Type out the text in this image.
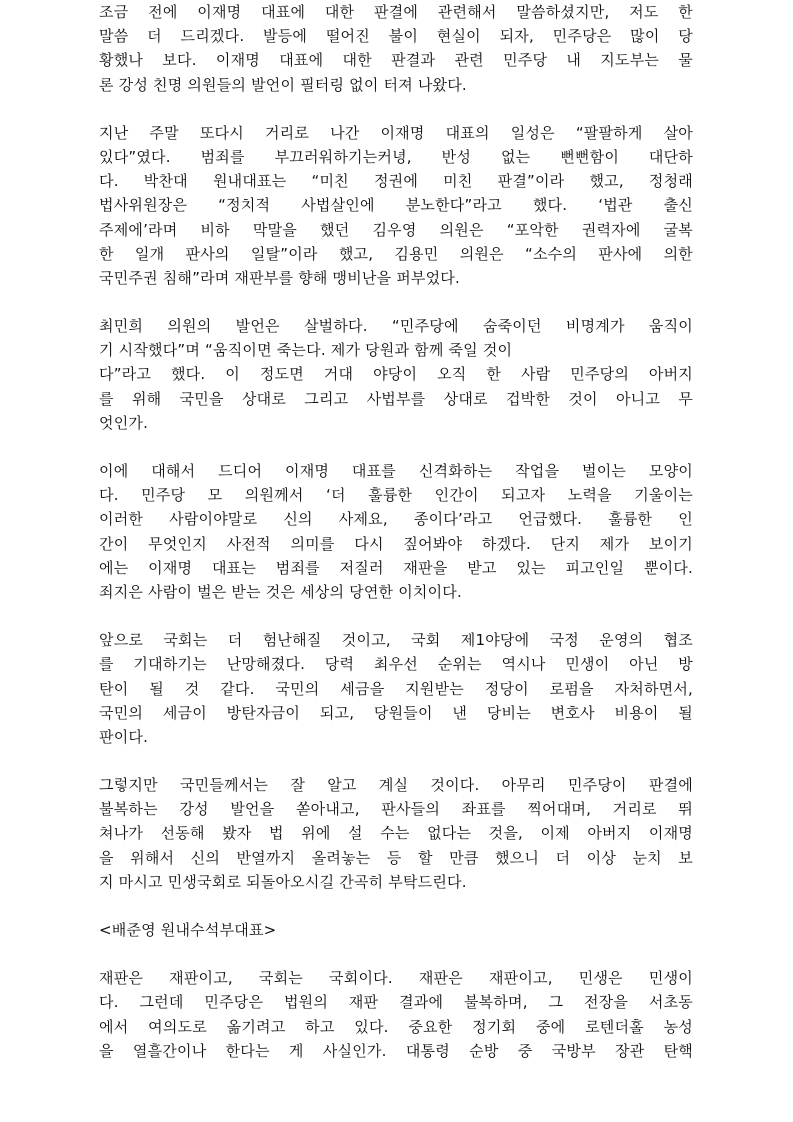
조금 전에 이재명 대표에 대한 판결에 관련해서 말씀하셨지만, 저도 한
말씀 더 드리겠다. 발등에 떨어진 불이 현실이 되자, 민주당은 많이 당
황했나 보다. 이재명 대표에 대한 판결과 관련 민주당 내 지도부는 물
론 강성 친명 의원들의 발언이 필터링 없이 터져 나왔다.
지난 주말 또다시 거리로 나간 이재명 대표의 일성은 “팔팔하게 살아
있다”였다. 범죄를 부끄러워하기는커녕, 반성 없는 뻔뻔함이 대단하
다. 박찬대 원내대표는 “미친 정권에 미친 판결”이라 했고, 정청래
법사위원장은 “정치적 사법살인에 분노한다”라고 했다. ‘법관 출신
주제에’라며 비하 막말을 했던 김우영 의원은 “포악한 권력자에 굴복
한 일개 판사의 일탈”이라 했고, 김용민 의원은 “소수의 판사에 의한
국민주권 침해”라며 재판부를 향해 맹비난을 퍼부었다.
최민희 의원의 발언은 살벌하다. “민주당에 숨죽이던 비명계가 움직이
기 시작했다”며 “움직이면 죽는다. 제가 당원과 함께 죽일 것이
다”라고 했다. 이 정도면 거대 야당이 오직 한 사람 민주당의 아버지
를 위해 국민을 상대로 그리고 사법부를 상대로 겁박한 것이 아니고 무
엇인가.
이에 대해서 드디어 이재명 대표를 신격화하는 작업을 벌이는 모양이
다. 민주당 모 의원께서 ‘더 훌륭한 인간이 되고자 노력을 기울이는
이러한 사람이야말로 신의 사제요, 종이다’라고 언급했다. 훌륭한 인
간이 무엇인지 사전적 의미를 다시 짚어봐야 하겠다. 단지 제가 보이기
에는 이재명 대표는 범죄를 저질러 재판을 받고 있는 피고인일 뿐이다.
죄지은 사람이 벌은 받는 것은 세상의 당연한 이치이다.
앞으로 국회는 더 험난해질 것이고, 국회 제1야당에 국정 운영의 협조
를 기대하기는 난망해졌다. 당력 최우선 순위는 역시나 민생이 아닌 방
탄이 될 것 같다. 국민의 세금을 지원받는 정당이 로펌을 자처하면서,
국민의 세금이 방탄자금이 되고, 당원들이 낸 당비는 변호사 비용이 될
판이다.
그렇지만 국민들께서는 잘 알고 계실 것이다. 아무리 민주당이 판결에
불복하는 강성 발언을 쏟아내고, 판사들의 좌표를 찍어대며, 거리로 뛰
쳐나가 선동해 봤자 법 위에 설 수는 없다는 것을, 이제 아버지 이재명
을 위해서 신의 반열까지 올려놓는 등 할 만큼 했으니 더 이상 눈치 보
지 마시고 민생국회로 되돌아오시길 간곡히 부탁드린다.
<배준영 원내수석부대표>
재판은 재판이고, 국회는 국회이다. 재판은 재판이고, 민생은 민생이
다. 그런데 민주당은 법원의 재판 결과에 불복하며, 그 전장을 서초동
에서 여의도로 옮기려고 하고 있다. 중요한 정기회 중에 로텐더홀 농성
을 열흘간이나 한다는 게 사실인가. 대통령 순방 중 국방부 장관 탄핵
